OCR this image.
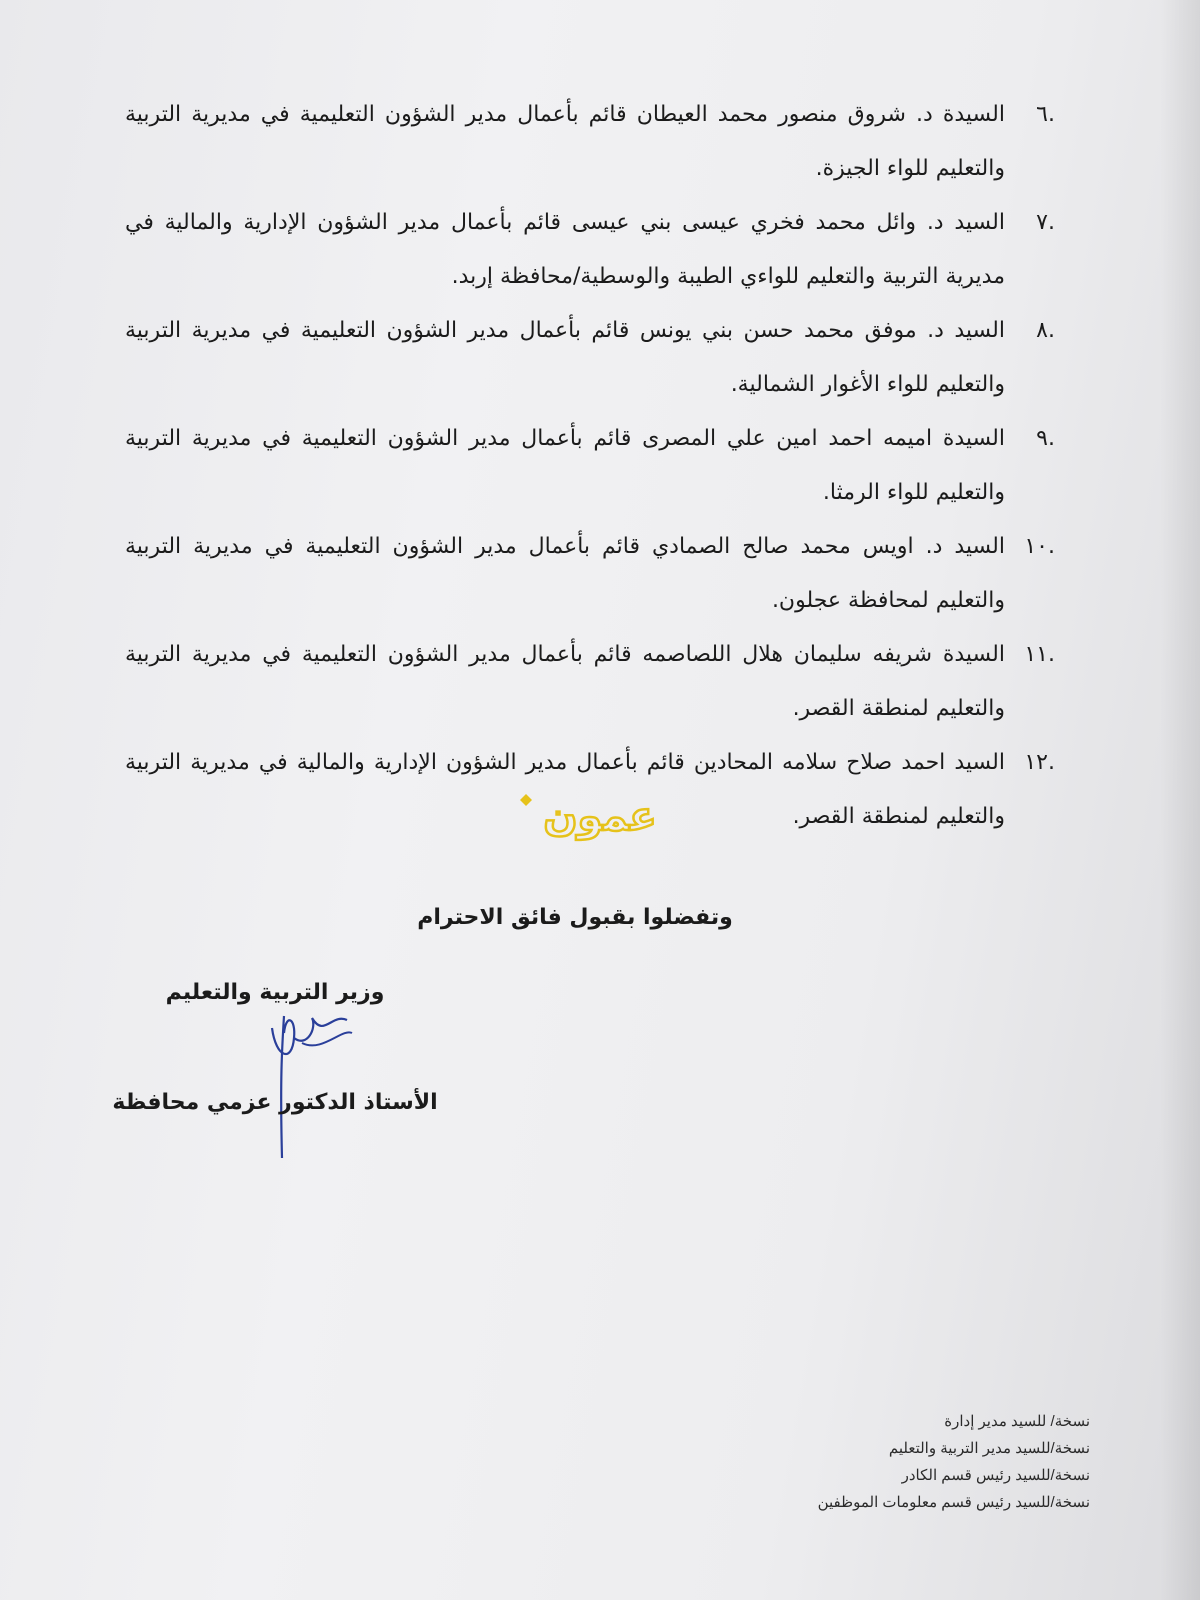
.٦
السيدة د. شروق منصور محمد العيطان قائم بأعمال مدير الشؤون التعليمية في مديرية التربية والتعليم للواء الجيزة.
.٧
السيد د. وائل محمد فخري عيسى بني عيسى قائم بأعمال مدير الشؤون الإدارية والمالية في مديرية التربية والتعليم للواءي الطيبة والوسطية/محافظة إربد.
.٨
السيد د. موفق محمد حسن بني يونس قائم بأعمال مدير الشؤون التعليمية في مديرية التربية والتعليم للواء الأغوار الشمالية.
.٩
السيدة اميمه احمد امين علي المصرى قائم بأعمال مدير الشؤون التعليمية في مديرية التربية والتعليم للواء الرمثا.
.١٠
السيد د. اويس محمد صالح الصمادي قائم بأعمال مدير الشؤون التعليمية في مديرية التربية والتعليم لمحافظة عجلون.
.١١
السيدة شريفه سليمان هلال اللصاصمه قائم بأعمال مدير الشؤون التعليمية في مديرية التربية والتعليم لمنطقة القصر.
.١٢
السيد احمد صلاح سلامه المحادين قائم بأعمال مدير الشؤون الإدارية والمالية في مديرية التربية والتعليم لمنطقة القصر.
عمون
وتفضلوا بقبول فائق الاحترام
وزير التربية والتعليم
الأستاذ الدكتور عزمي محافظة
نسخة/ للسيد مدير إدارة
نسخة/للسيد مدير التربية والتعليم
نسخة/للسيد رئيس قسم الكادر
نسخة/للسيد رئيس قسم معلومات الموظفين
